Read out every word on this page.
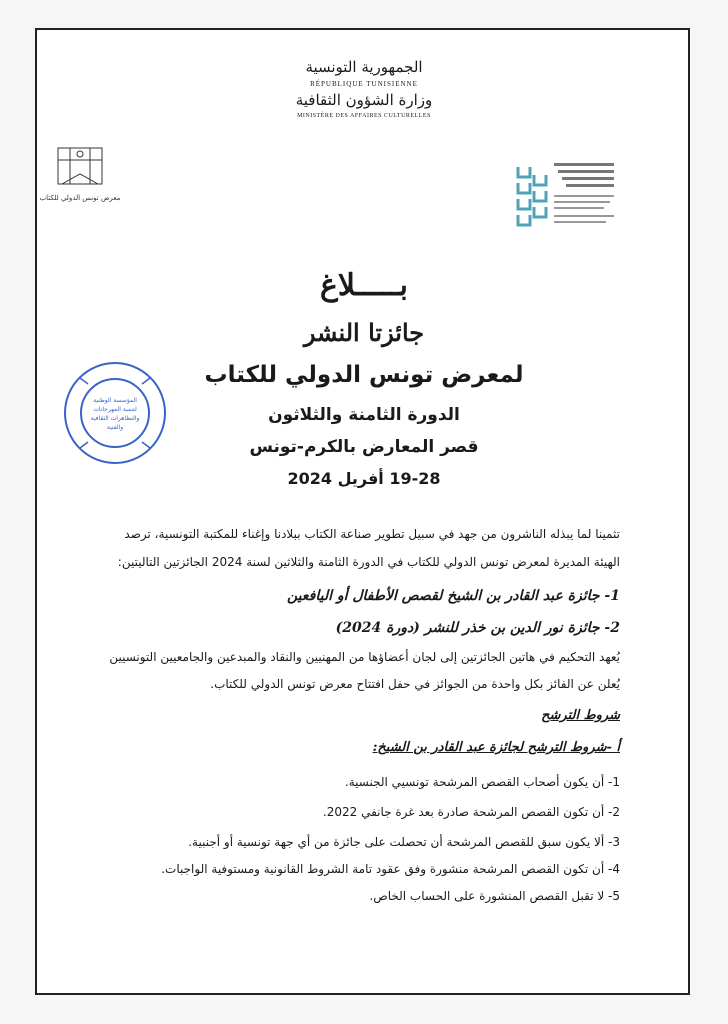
الجمهورية التونسية
RÉPUBLIQUE TUNISIENNE
وزارة الشؤون الثقافية
MINISTÈRE DES AFFAIRES CULTURELLES
معرض تونس الدولي للكتاب
المؤسسة الوطنية
لتنمية المهرجانات
والتظاهرات الثقافية
والفنية
بـــــلاغ
جائزتا النشر
لمعرض تونس الدولي للكتاب
الدورة الثامنة والثلاثون
قصر المعارض بالكرم-تونس
19-28 أفريل 2024
تثمينا لما يبذله الناشرون من جهد في سبيل تطوير صناعة الكتاب ببلادنا وإغناء للمكتبة التونسية، ترصد
الهيئة المديرة لمعرض تونس الدولي للكتاب في الدورة الثامنة والثلاثين لسنة 2024 الجائزتين التاليتين:
1- جائزة عبد القادر بن الشيخ لقصص الأطفال أو اليافعين
2- جائزة نور الدين بن خذر للنشر (دورة 2024)
يُعهد التحكيم في هاتين الجائزتين إلى لجان أعضاؤها من المهنيين والنقاد والمبدعين والجامعيين التونسيين
يُعلن عن الفائز بكل واحدة من الجوائز في حفل افتتاح معرض تونس الدولي للكتاب.
شروط الترشح
أ -شروط الترشح لجائزة عبد القادر بن الشيخ:
1- أن يكون أصحاب القصص المرشحة تونسيي الجنسية.
2- أن تكون القصص المرشحة صادرة بعد غرة جانفي 2022.
3- ألا يكون سبق للقصص المرشحة أن تحصلت على جائزة من أي جهة تونسية أو أجنبية.
4- أن تكون القصص المرشحة منشورة وفق عقود تامة الشروط القانونية ومستوفية الواجبات.
5- لا تقبل القصص المنشورة على الحساب الخاص.
